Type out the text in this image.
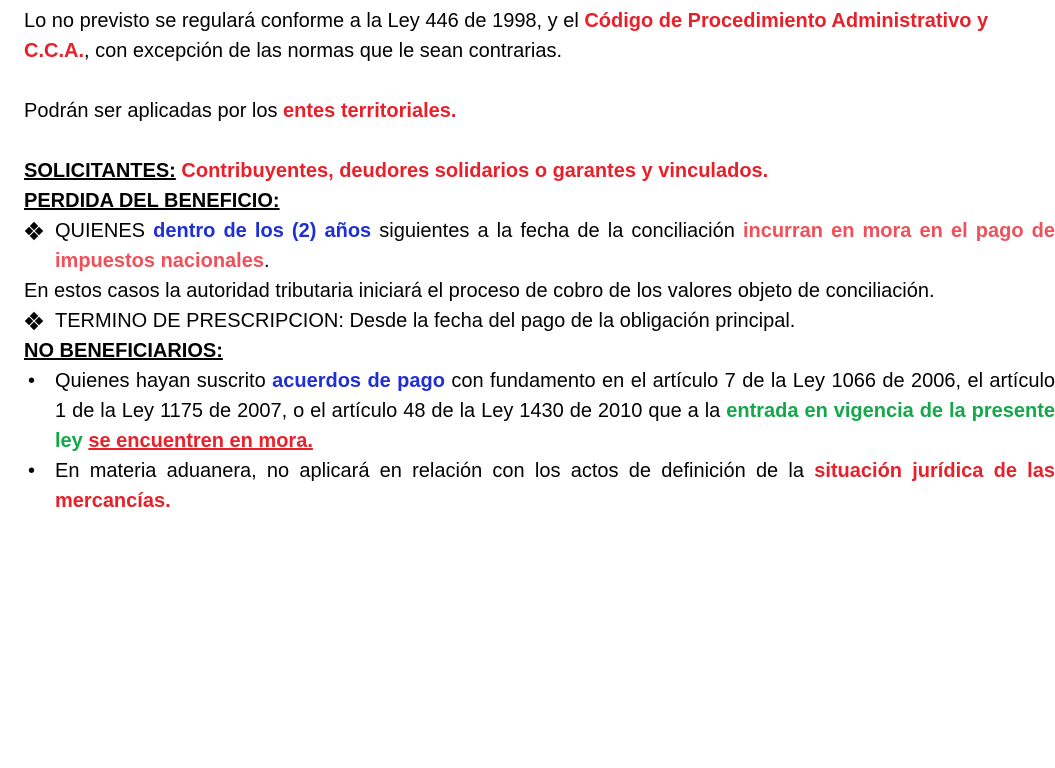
Lo no previsto se regulará conforme a la Ley 446 de 1998, y el Código de Procedimiento Administrativo y C.C.A., con excepción de las normas que le sean contrarias.

Podrán ser aplicadas por los entes territoriales.

SOLICITANTES: Contribuyentes, deudores solidarios o garantes y vinculados.

PERDIDA DEL BENEFICIO:

QUIENES dentro de los (2) años siguientes a la fecha de la conciliación incurran en mora en el pago de impuestos nacionales.

En estos casos la autoridad tributaria iniciará el proceso de cobro de los valores objeto de conciliación.

TERMINO DE PRESCRIPCION: Desde la fecha del pago de la obligación principal.

NO BENEFICIARIOS:

• Quienes hayan suscrito acuerdos de pago con fundamento en el artículo 7 de la Ley 1066 de 2006, el artículo 1 de la Ley 1175 de 2007, o el artículo 48 de la Ley 1430 de 2010 que a la entrada en vigencia de la presente ley se encuentren en mora.

• En materia aduanera, no aplicará en relación con los actos de definición de la situación jurídica de las mercancías.
